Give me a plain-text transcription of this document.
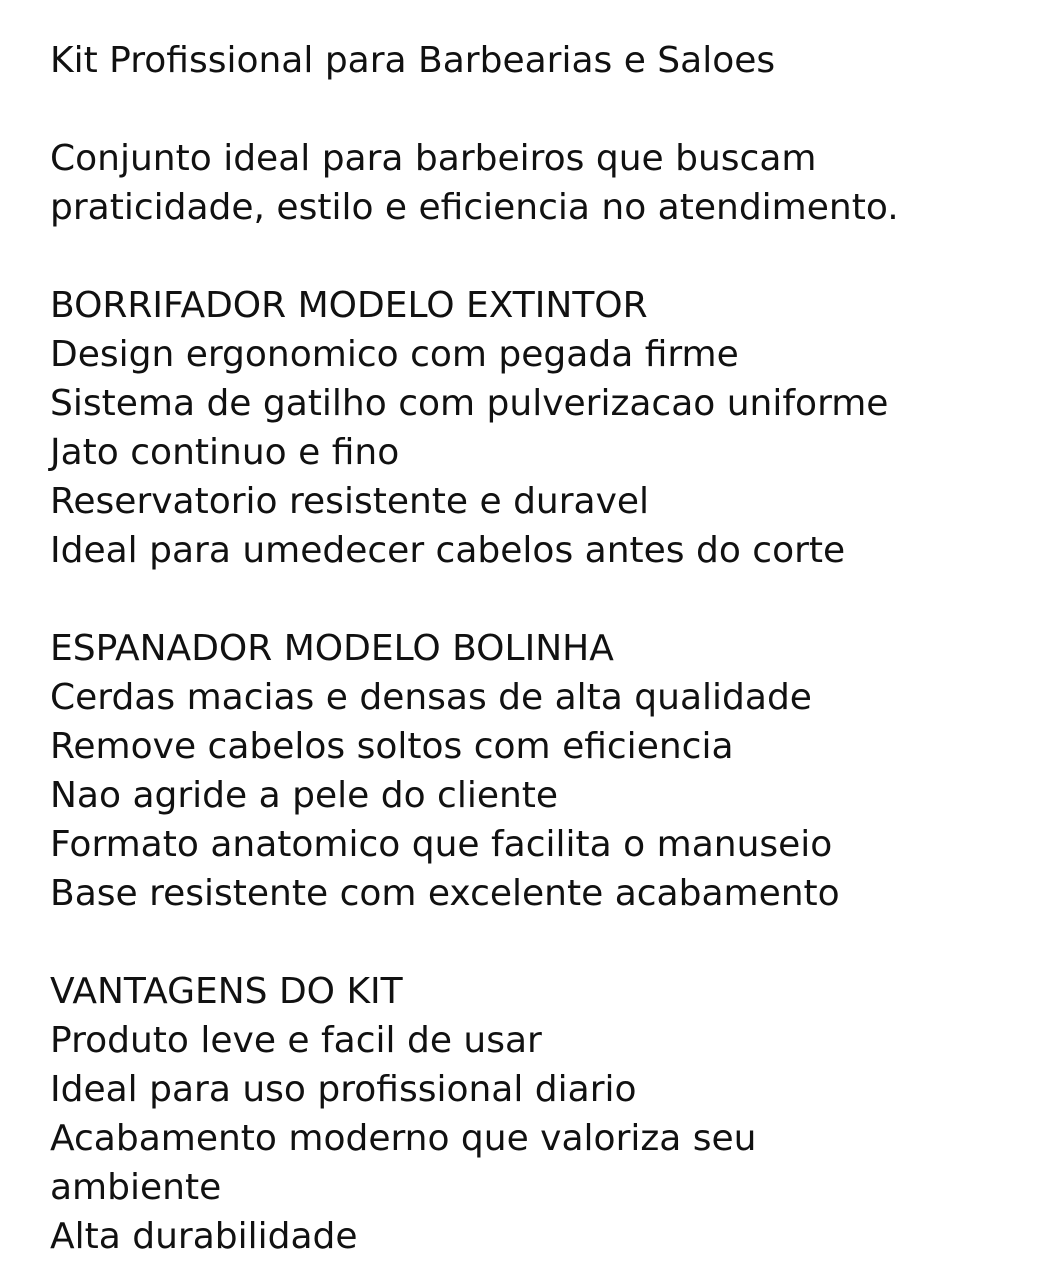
Kit Profissional para Barbearias e Saloes

Conjunto ideal para barbeiros que buscam
praticidade, estilo e eficiencia no atendimento.

BORRIFADOR MODELO EXTINTOR
Design ergonomico com pegada firme
Sistema de gatilho com pulverizacao uniforme
Jato continuo e fino
Reservatorio resistente e duravel
Ideal para umedecer cabelos antes do corte
ESPANADOR MODELO BOLINHA
Cerdas macias e densas de alta qualidade
Remove cabelos soltos com eficiencia
Nao agride a pele do cliente
Formato anatomico que facilita o manuseio
Base resistente com excelente acabamento
VANTAGENS DO KIT
Produto leve e facil de usar
Ideal para uso profissional diario
Acabamento moderno que valoriza seu
ambiente
Alta durabilidade
